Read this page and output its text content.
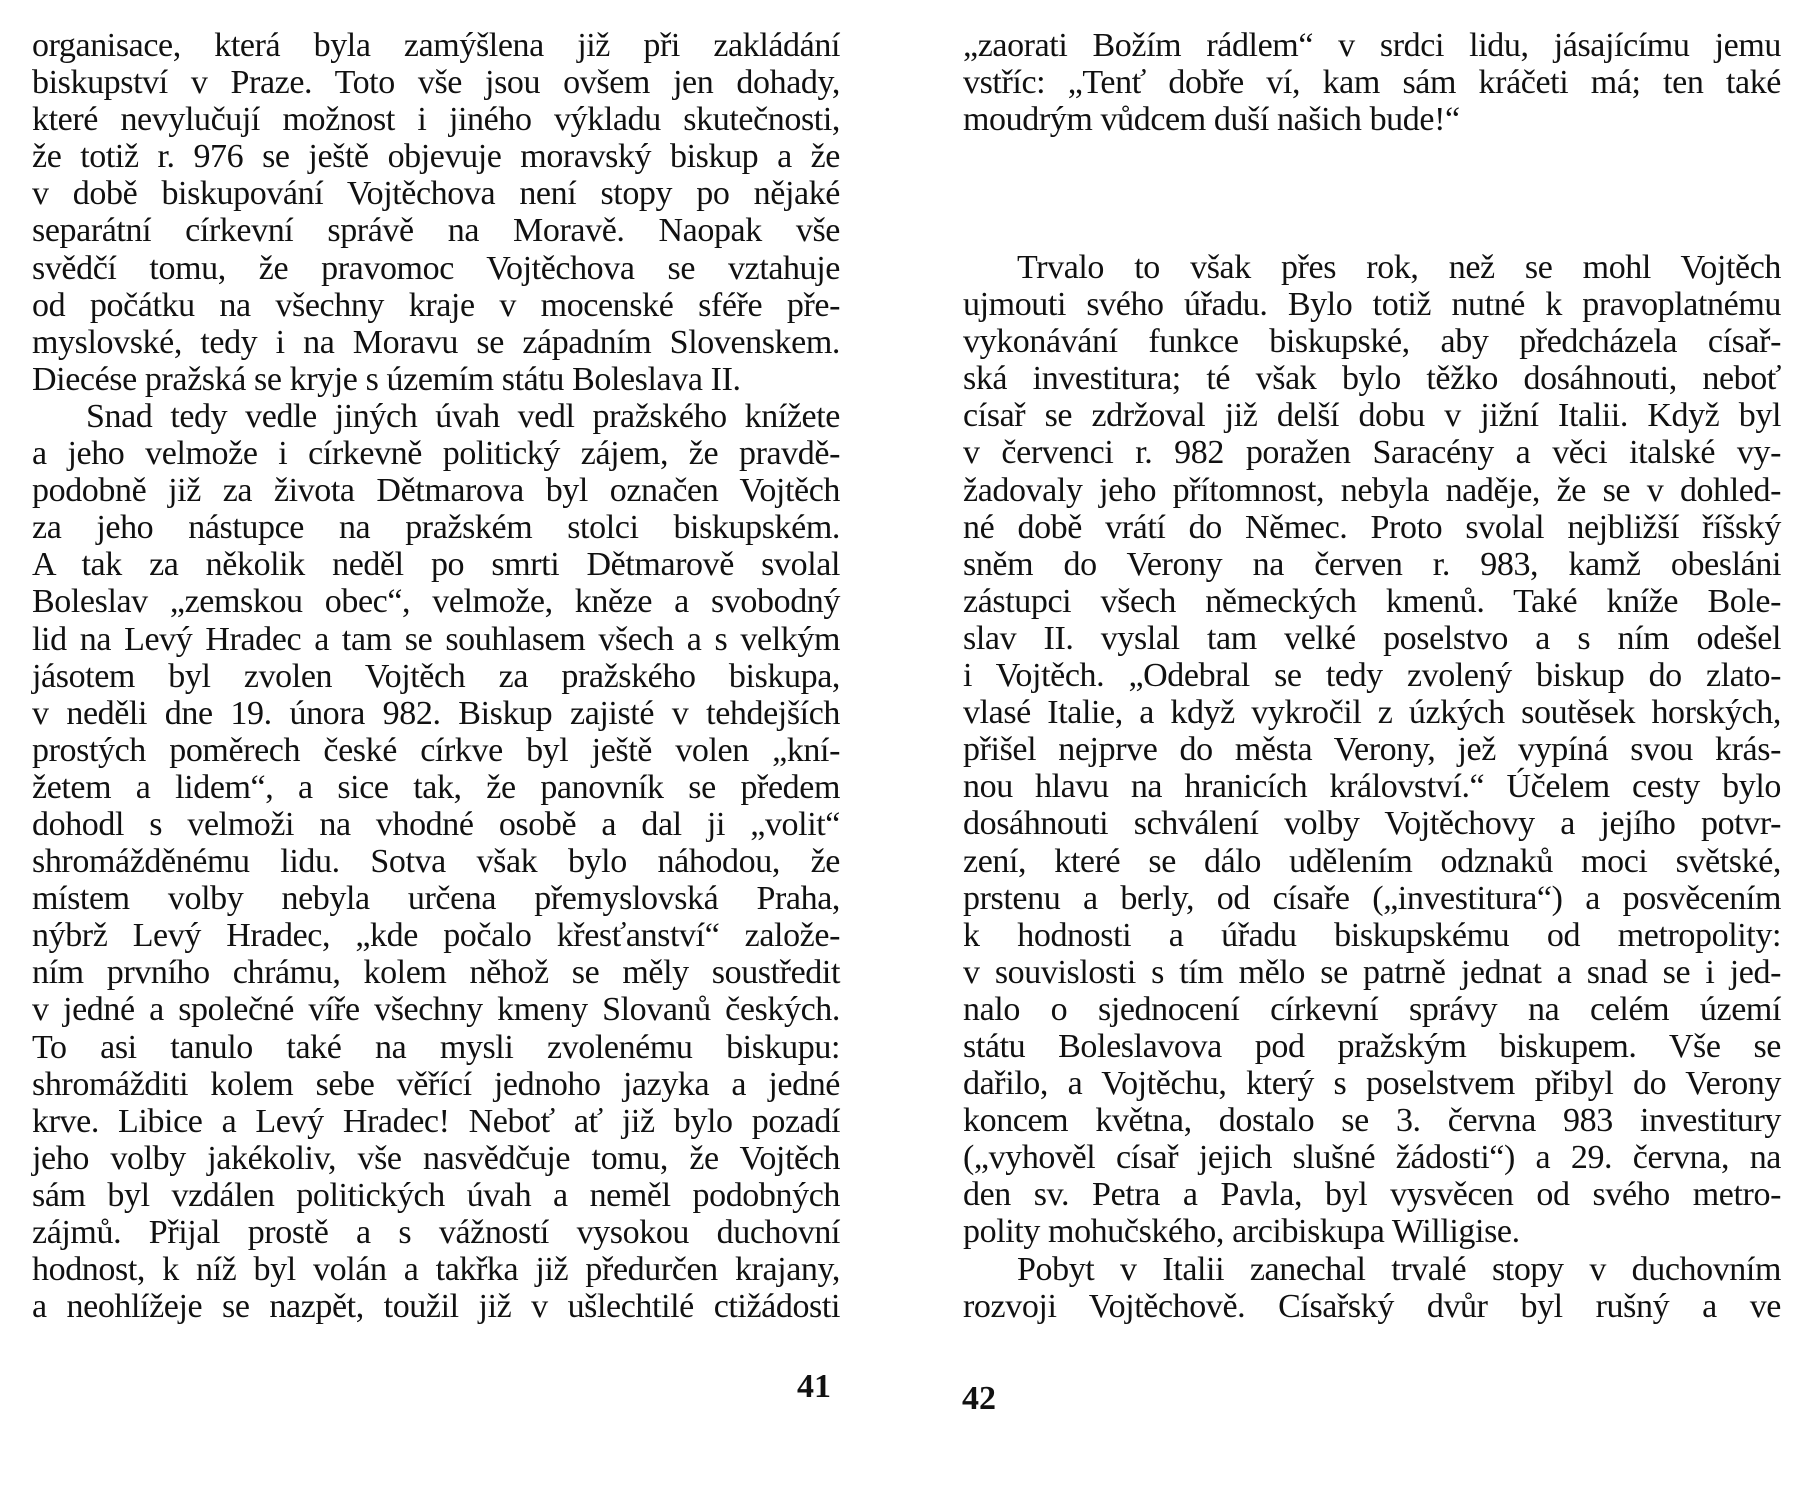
organisace, která byla zamýšlena již při zakládání
biskupství v Praze. Toto vše jsou ovšem jen dohady,
které nevylučují možnost i jiného výkladu skutečnosti,
že totiž r. 976 se ještě objevuje moravský biskup a že
v době biskupování Vojtěchova není stopy po nějaké
separátní církevní správě na Moravě. Naopak vše
svědčí tomu, že pravomoc Vojtěchova se vztahuje
od počátku na všechny kraje v mocenské sféře pře-
myslovské, tedy i na Moravu se západním Slovenskem.
Diecése pražská se kryje s územím státu Boleslava II.
Snad tedy vedle jiných úvah vedl pražského knížete
a jeho velmože i církevně politický zájem, že pravdě-
podobně již za života Dětmarova byl označen Vojtěch
za jeho nástupce na pražském stolci biskupském.
A tak za několik neděl po smrti Dětmarově svolal
Boleslav „zemskou obec“, velmože, kněze a svobodný
lid na Levý Hradec a tam se souhlasem všech a s velkým
jásotem byl zvolen Vojtěch za pražského biskupa,
v neděli dne 19. února 982. Biskup zajisté v tehdejších
prostých poměrech české církve byl ještě volen „kní-
žetem a lidem“, a sice tak, že panovník se předem
dohodl s velmoži na vhodné osobě a dal ji „volit“
shromážděnému lidu. Sotva však bylo náhodou, že
místem volby nebyla určena přemyslovská Praha,
nýbrž Levý Hradec, „kde počalo křesťanství“ založe-
ním prvního chrámu, kolem něhož se měly soustředit
v jedné a společné víře všechny kmeny Slovanů českých.
To asi tanulo také na mysli zvolenému biskupu:
shromážditi kolem sebe věřící jednoho jazyka a jedné
krve. Libice a Levý Hradec! Neboť ať již bylo pozadí
jeho volby jakékoliv, vše nasvědčuje tomu, že Vojtěch
sám byl vzdálen politických úvah a neměl podobných
zájmů. Přijal prostě a s vážností vysokou duchovní
hodnost, k níž byl volán a takřka již předurčen krajany,
a neohlížeje se nazpět, toužil již v ušlechtilé ctižádosti
41
„zaorati Božím rádlem“ v srdci lidu, jásajícímu jemu
vstříc: „Tenť dobře ví, kam sám kráčeti má; ten také
moudrým vůdcem duší našich bude!“
Trvalo to však přes rok, než se mohl Vojtěch
ujmouti svého úřadu. Bylo totiž nutné k pravoplatnému
vykonávání funkce biskupské, aby předcházela císař-
ská investitura; té však bylo těžko dosáhnouti, neboť
císař se zdržoval již delší dobu v jižní Italii. Když byl
v červenci r. 982 poražen Saracény a věci italské vy-
žadovaly jeho přítomnost, nebyla naděje, že se v dohled-
né době vrátí do Němec. Proto svolal nejbližší říšský
sněm do Verony na červen r. 983, kamž obesláni
zástupci všech německých kmenů. Také kníže Bole-
slav II. vyslal tam velké poselstvo a s ním odešel
i Vojtěch. „Odebral se tedy zvolený biskup do zlato-
vlasé Italie, a když vykročil z úzkých soutěsek horských,
přišel nejprve do města Verony, jež vypíná svou krás-
nou hlavu na hranicích království.“ Účelem cesty bylo
dosáhnouti schválení volby Vojtěchovy a jejího potvr-
zení, které se dálo udělením odznaků moci světské,
prstenu a berly, od císaře („investitura“) a posvěcením
k hodnosti a úřadu biskupskému od metropolity:
v souvislosti s tím mělo se patrně jednat a snad se i jed-
nalo o sjednocení církevní správy na celém území
státu Boleslavova pod pražským biskupem. Vše se
dařilo, a Vojtěchu, který s poselstvem přibyl do Verony
koncem května, dostalo se 3. června 983 investitury
(„vyhověl císař jejich slušné žádosti“) a 29. června, na
den sv. Petra a Pavla, byl vysvěcen od svého metro-
polity mohučského, arcibiskupa Willigise.
Pobyt v Italii zanechal trvalé stopy v duchovním
rozvoji Vojtěchově. Císařský dvůr byl rušný a ve
42
